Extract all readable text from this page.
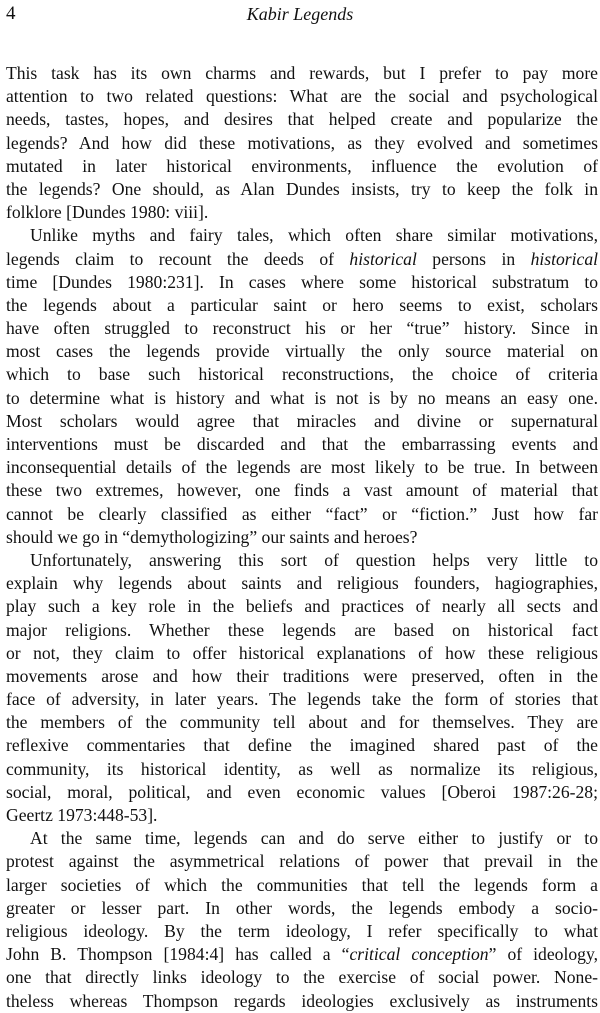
4	Kabir Legends
This task has its own charms and rewards, but I prefer to pay more
attention to two related questions: What are the social and psychological
needs, tastes, hopes, and desires that helped create and popularize the
legends? And how did these motivations, as they evolved and sometimes
mutated in later historical environments, influence the evolution of
the legends? One should, as Alan Dundes insists, try to keep the folk in
folklore [Dundes 1980: viii].
Unlike myths and fairy tales, which often share similar motivations,
legends claim to recount the deeds of historical persons in historical
time [Dundes 1980:231]. In cases where some historical substratum to
the legends about a particular saint or hero seems to exist, scholars
have often struggled to reconstruct his or her “true” history. Since in
most cases the legends provide virtually the only source material on
which to base such historical reconstructions, the choice of criteria
to determine what is history and what is not is by no means an easy one.
Most scholars would agree that miracles and divine or supernatural
interventions must be discarded and that the embarrassing events and
inconsequential details of the legends are most likely to be true. In between
these two extremes, however, one finds a vast amount of material that
cannot be clearly classified as either “fact” or “fiction.” Just how far
should we go in “demythologizing” our saints and heroes?
Unfortunately, answering this sort of question helps very little to
explain why legends about saints and religious founders, hagiographies,
play such a key role in the beliefs and practices of nearly all sects and
major religions. Whether these legends are based on historical fact
or not, they claim to offer historical explanations of how these religious
movements arose and how their traditions were preserved, often in the
face of adversity, in later years. The legends take the form of stories that
the members of the community tell about and for themselves. They are
reflexive commentaries that define the imagined shared past of the
community, its historical identity, as well as normalize its religious,
social, moral, political, and even economic values [Oberoi 1987:26-28;
Geertz 1973:448-53].
At the same time, legends can and do serve either to justify or to
protest against the asymmetrical relations of power that prevail in the
larger societies of which the communities that tell the legends form a
greater or lesser part. In other words, the legends embody a socio-
religious ideology. By the term ideology, I refer specifically to what
John B. Thompson [1984:4] has called a “critical conception” of ideology,
one that directly links ideology to the exercise of social power. None-
theless whereas Thompson regards ideologies exclusively as instruments
